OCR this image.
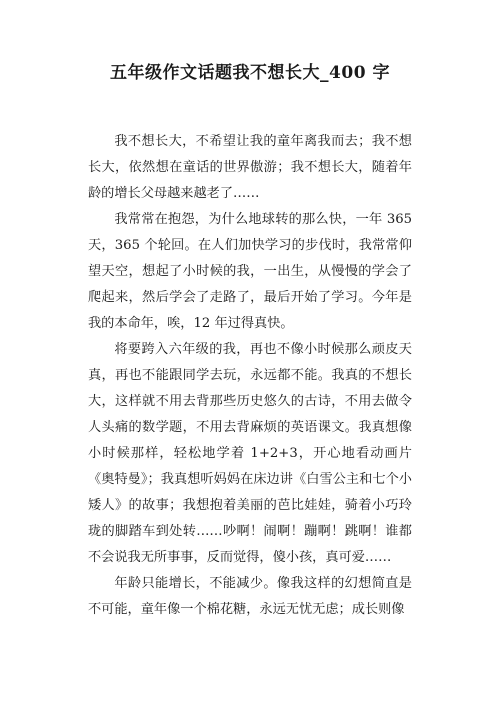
五年级作文话题我不想长大_400 字

我不想长大，不希望让我的童年离我而去；我不想长大，依然想在童话的世界傲游；我不想长大，随着年龄的增长父母越来越老了……

我常常在抱怨，为什么地球转的那么快，一年 365 天，365 个轮回。在人们加快学习的步伐时，我常常仰望天空，想起了小时候的我，一出生，从慢慢的学会了爬起来，然后学会了走路了，最后开始了学习。今年是我的本命年，唉，12 年过得真快。

将要跨入六年级的我，再也不像小时候那么顽皮天真，再也不能跟同学去玩，永远都不能。我真的不想长大，这样就不用去背那些历史悠久的古诗，不用去做令人头痛的数学题，不用去背麻烦的英语课文。我真想像小时候那样，轻松地学着 1+2+3，开心地看动画片《奥特曼》；我真想听妈妈在床边讲《白雪公主和七个小矮人》的故事；我想抱着美丽的芭比娃娃，骑着小巧玲珑的脚踏车到处转……吵啊！闹啊！蹦啊！跳啊！谁都不会说我无所事事，反而觉得，傻小孩，真可爱……

年龄只能增长，不能减少。像我这样的幻想简直是不可能，童年像一个棉花糖，永远无忧无虑；成长则像
